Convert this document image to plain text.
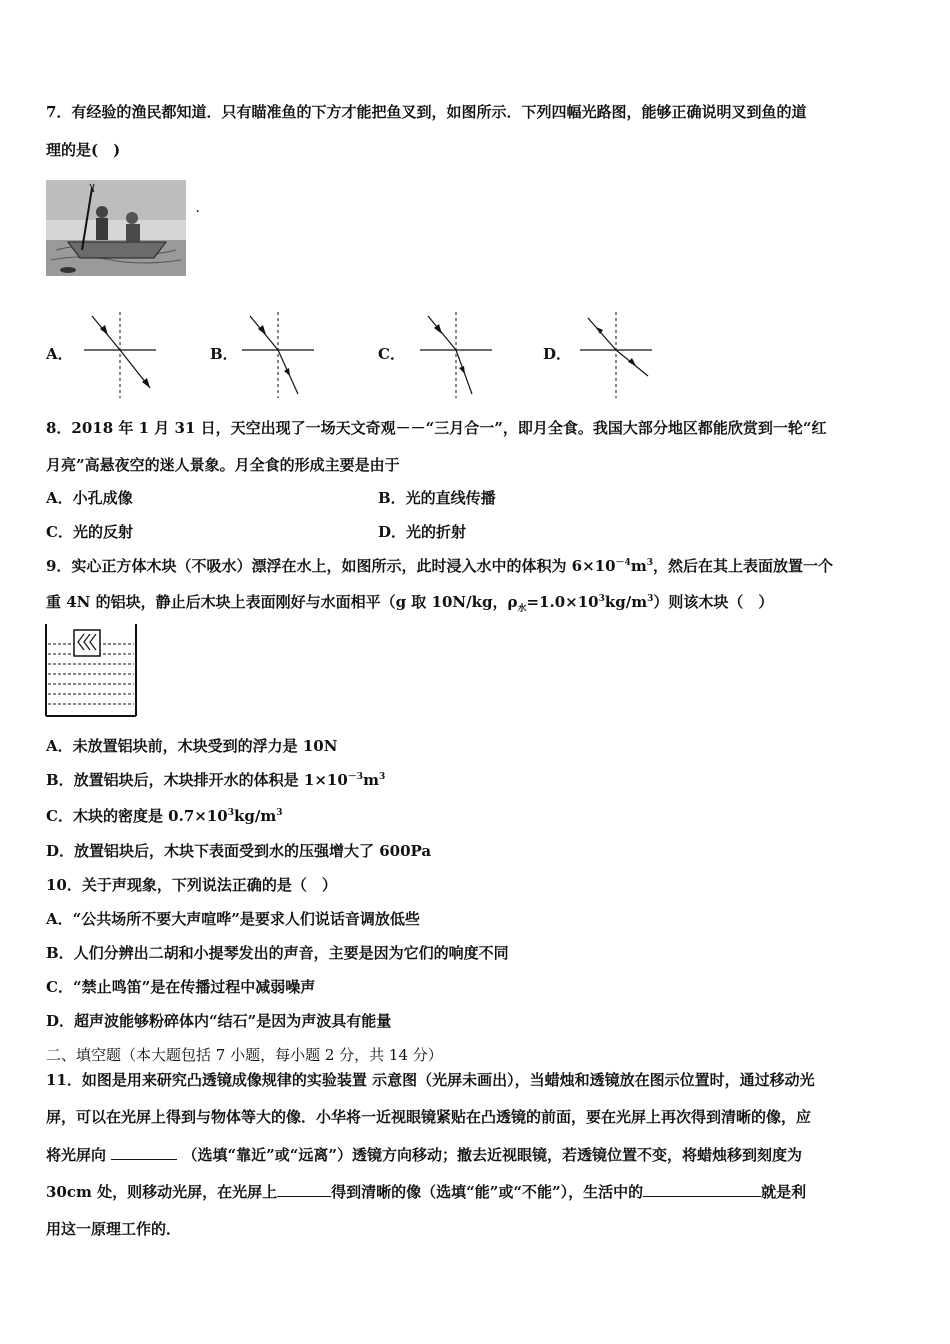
7．有经验的渔民都知道．只有瞄准鱼的下方才能把鱼叉到，如图所示．下列四幅光路图，能够正确说明叉到鱼的道
理的是(　)
.
A．	B．	C．	D．
8．2018 年 1 月 31 日，天空出现了一场天文奇观－－“三月合一”，即月全食。我国大部分地区都能欣赏到一轮“红
月亮”高悬夜空的迷人景象。月全食的形成主要是由于
A．小孔成像	B．光的直线传播
C．光的反射	D．光的折射
9．实心正方体木块（不吸水）漂浮在水上，如图所示，此时浸入水中的体积为 $6\times 10^{-4}m^3$，然后在其上表面放置一个
重 4N 的铝块，静止后木块上表面刚好与水面相平（g 取 10N/kg，$\rho_水=1.0\times 10^3kg/m^3$）则该木块（　）
A．未放置铝块前，木块受到的浮力是 10N
B．放置铝块后，木块排开水的体积是 $1\times 10^{-3}m^3$
C．木块的密度是 $0.7\times 10^3kg/m^3$
D．放置铝块后，木块下表面受到水的压强增大了 600Pa
10．关于声现象，下列说法正确的是（　）
A．“公共场所不要大声喧哗”是要求人们说话音调放低些
B．人们分辨出二胡和小提琴发出的声音，主要是因为它们的响度不同
C．“禁止鸣笛”是在传播过程中减弱噪声
D．超声波能够粉碎体内“结石”是因为声波具有能量
二、填空题（本大题包括 7 小题，每小题 2 分，共 14 分）
11．如图是用来研究凸透镜成像规律的实验装置 示意图（光屏未画出），当蜡烛和透镜放在图示位置时，通过移动光
屏，可以在光屏上得到与物体等大的像．小华将一近视眼镜紧贴在凸透镜的前面，要在光屏上再次得到清晰的像，应
将光屏向	（选填“靠近”或“远离”）透镜方向移动；撤去近视眼镜，若透镜位置不变，将蜡烛移到刻度为
30cm 处，则移动光屏，在光屏上	得到清晰的像（选填“能”或“不能”），生活中的	就是利
用这一原理工作的．
